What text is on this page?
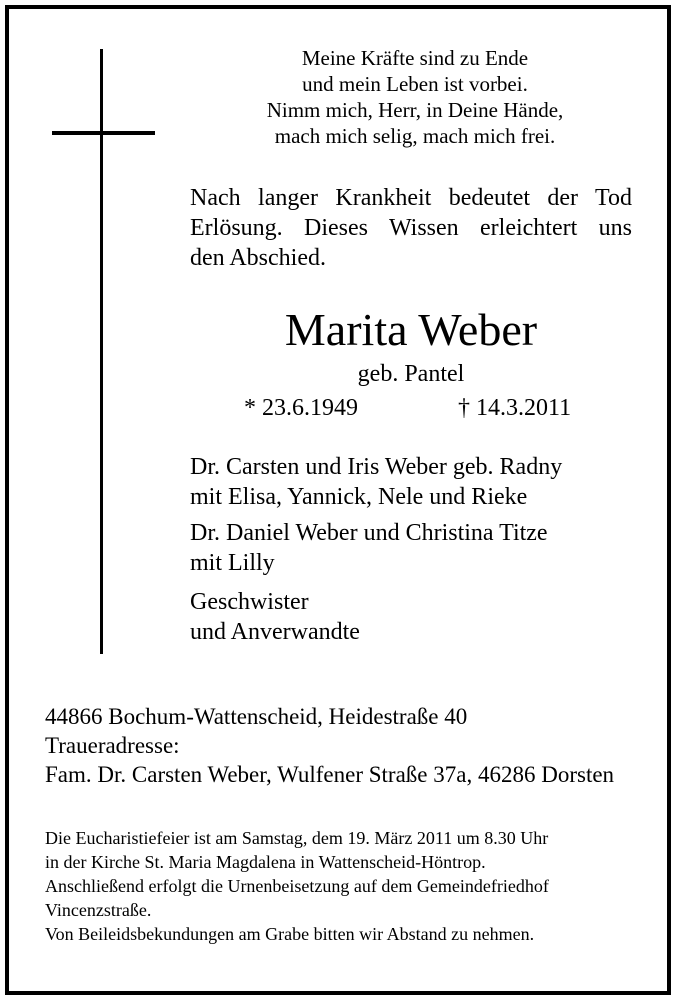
Meine Kräfte sind zu Ende
und mein Leben ist vorbei.
Nimm mich, Herr, in Deine Hände,
mach mich selig, mach mich frei.
Nach langer Krankheit bedeutet der Tod
Erlösung. Dieses Wissen erleichtert uns
den Abschied.
Marita Weber
geb. Pantel
* 23.6.1949	† 14.3.2011
Dr. Carsten und Iris Weber geb. Radny
mit Elisa, Yannick, Nele und Rieke
Dr. Daniel Weber und Christina Titze
mit Lilly
Geschwister
und Anverwandte
44866 Bochum-Wattenscheid, Heidestraße 40
Traueradresse:
Fam. Dr. Carsten Weber, Wulfener Straße 37a, 46286 Dorsten
Die Eucharistiefeier ist am Samstag, dem 19. März 2011 um 8.30 Uhr
in der Kirche St. Maria Magdalena in Wattenscheid-Höntrop.
Anschließend erfolgt die Urnenbeisetzung auf dem Gemeindefriedhof
Vincenzstraße.
Von Beileidsbekundungen am Grabe bitten wir Abstand zu nehmen.
